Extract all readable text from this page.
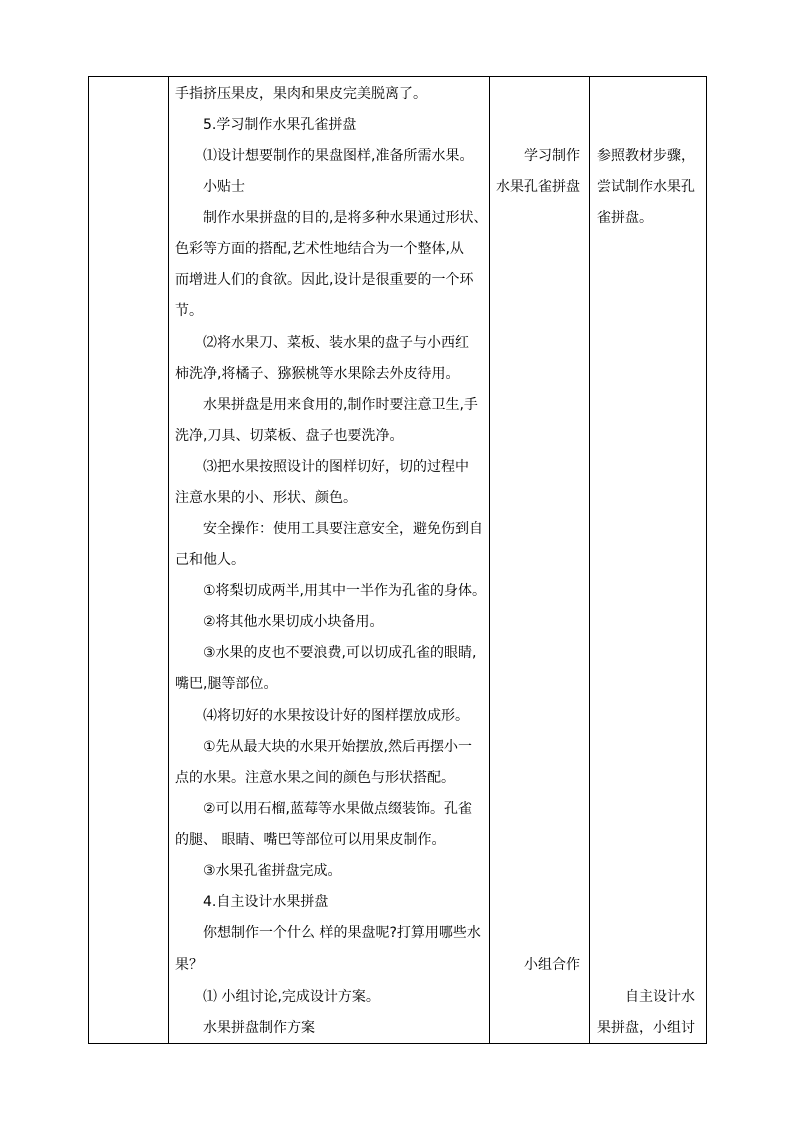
手指挤压果皮，果肉和果皮完美脱离了。
5.学习制作水果孔雀拼盘
⑴设计想要制作的果盘图样,准备所需水果。
小贴士
制作水果拼盘的目的,是将多种水果通过形状、
色彩等方面的搭配,艺术性地结合为一个整体,从
而增进人们的食欲。因此,设计是很重要的一个环
节。
⑵将水果刀、菜板、装水果的盘子与小西红
柿洗净,将橘子、猕猴桃等水果除去外皮待用。
水果拼盘是用来食用的,制作时要注意卫生,手
洗净,刀具、切菜板、盘子也要洗净。
⑶把水果按照设计的图样切好，切的过程中
注意水果的小、形状、颜色。
安全操作：使用工具要注意安全，避免伤到自
己和他人。
①将梨切成两半,用其中一半作为孔雀的身体。
②将其他水果切成小块备用。
③水果的皮也不要浪费,可以切成孔雀的眼睛,
嘴巴,腿等部位。
⑷将切好的水果按设计好的图样摆放成形。
①先从最大块的水果开始摆放,然后再摆小一
点的水果。注意水果之间的颜色与形状搭配。
②可以用石榴,蓝莓等水果做点缀装饰。孔雀
的腿、 眼睛、嘴巴等部位可以用果皮制作。
③水果孔雀拼盘完成。
4.自主设计水果拼盘
你想制作一个什么 样的果盘呢?打算用哪些水
果？
⑴ 小组讨论,完成设计方案。
水果拼盘制作方案
学习制作
水果孔雀拼盘
小组合作
参照教材步骤，
尝试制作水果孔
雀拼盘。
自主设计水
果拼盘，小组讨
